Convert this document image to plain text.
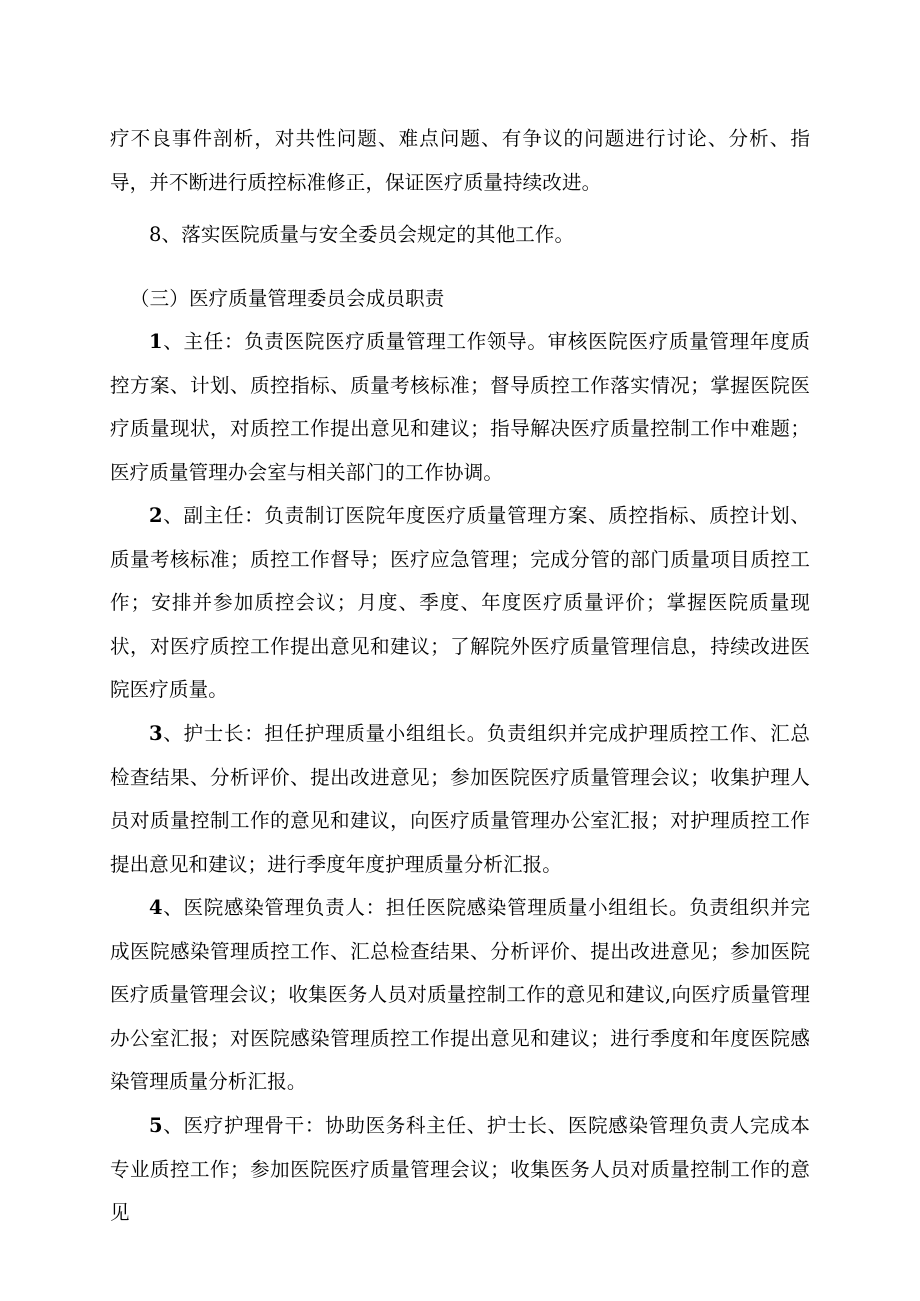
疗不良事件剖析，对共性问题、难点问题、有争议的问题进行讨论、分析、指导，并不断进行质控标准修正，保证医疗质量持续改进。

8、落实医院质量与安全委员会规定的其他工作。

（三）医疗质量管理委员会成员职责

1、主任：负责医院医疗质量管理工作领导。审核医院医疗质量管理年度质控方案、计划、质控指标、质量考核标准；督导质控工作落实情况；掌握医院医疗质量现状，对质控工作提出意见和建议；指导解决医疗质量控制工作中难题；医疗质量管理办会室与相关部门的工作协调。

2、副主任：负责制订医院年度医疗质量管理方案、质控指标、质控计划、质量考核标准；质控工作督导；医疗应急管理；完成分管的部门质量项目质控工作；安排并参加质控会议；月度、季度、年度医疗质量评价；掌握医院质量现状，对医疗质控工作提出意见和建议；了解院外医疗质量管理信息，持续改进医院医疗质量。

3、护士长：担任护理质量小组组长。负责组织并完成护理质控工作、汇总检查结果、分析评价、提出改进意见；参加医院医疗质量管理会议；收集护理人员对质量控制工作的意见和建议，向医疗质量管理办公室汇报；对护理质控工作提出意见和建议；进行季度年度护理质量分析汇报。

4、医院感染管理负责人：担任医院感染管理质量小组组长。负责组织并完成医院感染管理质控工作、汇总检查结果、分析评价、提出改进意见；参加医院医疗质量管理会议；收集医务人员对质量控制工作的意见和建议,向医疗质量管理办公室汇报；对医院感染管理质控工作提出意见和建议；进行季度和年度医院感染管理质量分析汇报。

5、医疗护理骨干：协助医务科主任、护士长、医院感染管理负责人完成本专业质控工作；参加医院医疗质量管理会议；收集医务人员对质量控制工作的意见
